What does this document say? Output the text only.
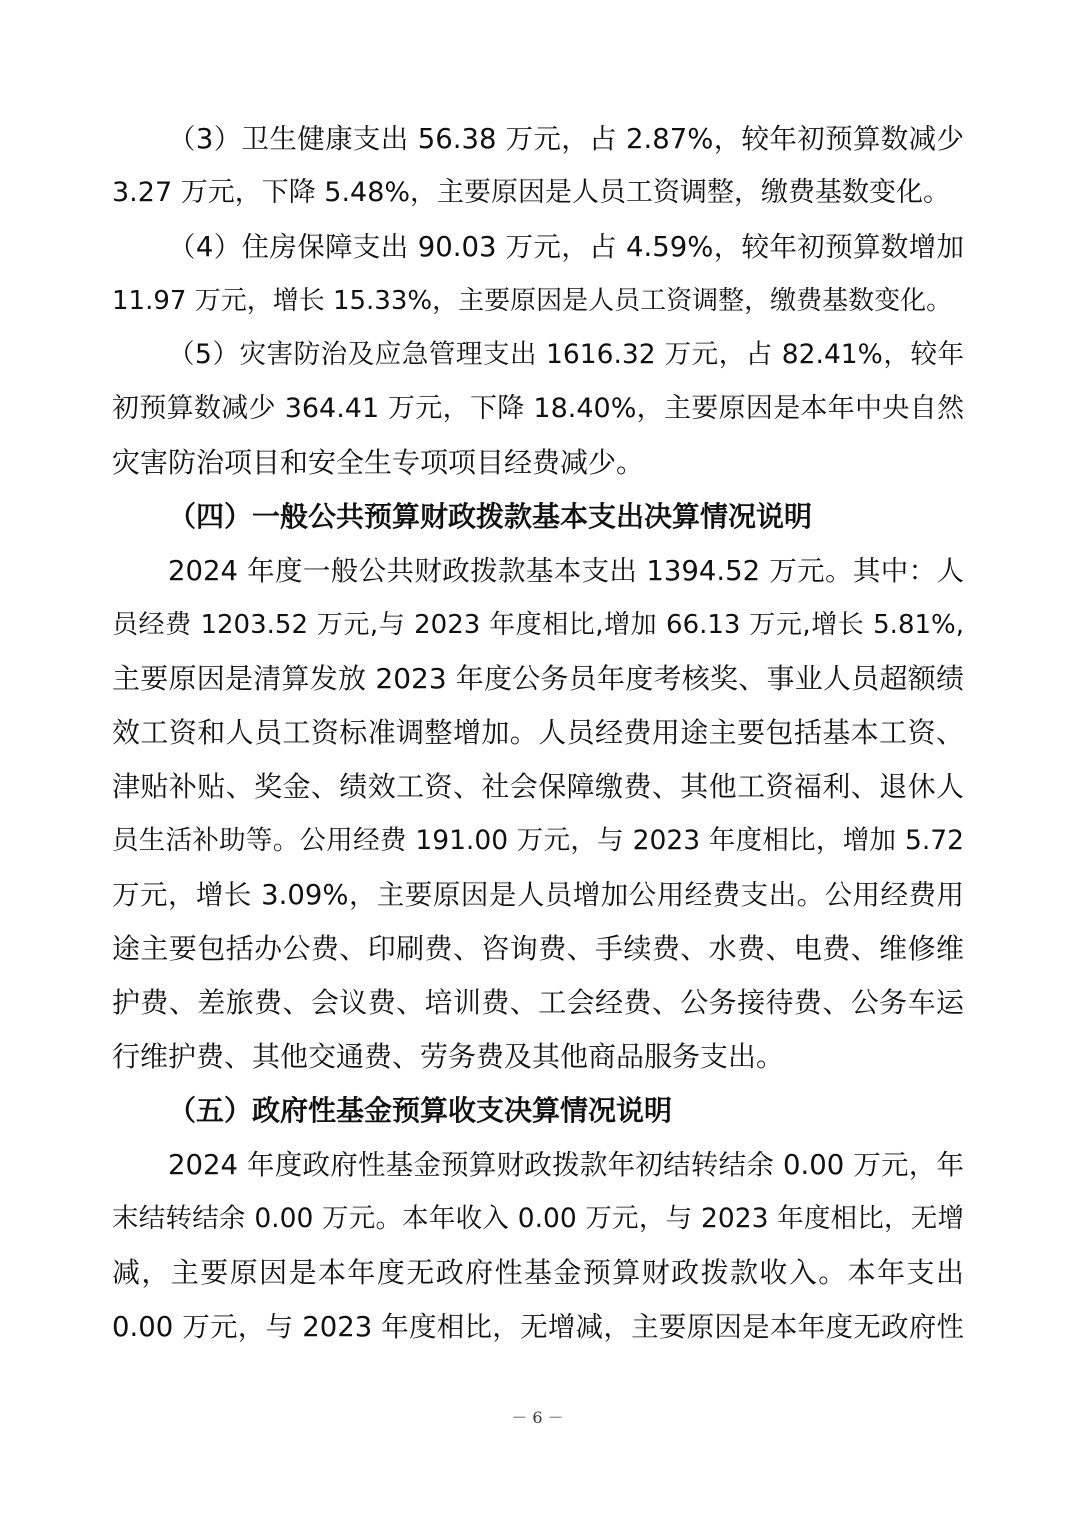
（3）卫生健康支出 56.38 万元，占 2.87%，较年初预算数减少
3.27 万元，下降 5.48%，主要原因是人员工资调整，缴费基数变化。
（4）住房保障支出 90.03 万元，占 4.59%，较年初预算数增加
11.97 万元，增长 15.33%，主要原因是人员工资调整，缴费基数变化。
（5）灾害防治及应急管理支出 1616.32 万元，占 82.41%，较年
初预算数减少 364.41 万元，下降 18.40%，主要原因是本年中央自然
灾害防治项目和安全生专项项目经费减少。
（四）一般公共预算财政拨款基本支出决算情况说明
2024 年度一般公共财政拨款基本支出 1394.52 万元。其中：人
员经费 1203.52 万元,与 2023 年度相比,增加 66.13 万元,增长 5.81%,
主要原因是清算发放 2023 年度公务员年度考核奖、事业人员超额绩
效工资和人员工资标准调整增加。人员经费用途主要包括基本工资、
津贴补贴、奖金、绩效工资、社会保障缴费、其他工资福利、退休人
员生活补助等。公用经费 191.00 万元，与 2023 年度相比，增加 5.72
万元，增长 3.09%，主要原因是人员增加公用经费支出。公用经费用
途主要包括办公费、印刷费、咨询费、手续费、水费、电费、维修维
护费、差旅费、会议费、培训费、工会经费、公务接待费、公务车运
行维护费、其他交通费、劳务费及其他商品服务支出。
（五）政府性基金预算收支决算情况说明
2024 年度政府性基金预算财政拨款年初结转结余 0.00 万元，年
末结转结余 0.00 万元。本年收入 0.00 万元，与 2023 年度相比，无增
减，主要原因是本年度无政府性基金预算财政拨款收入。本年支出
0.00 万元，与 2023 年度相比，无增减，主要原因是本年度无政府性
－ 6 －
